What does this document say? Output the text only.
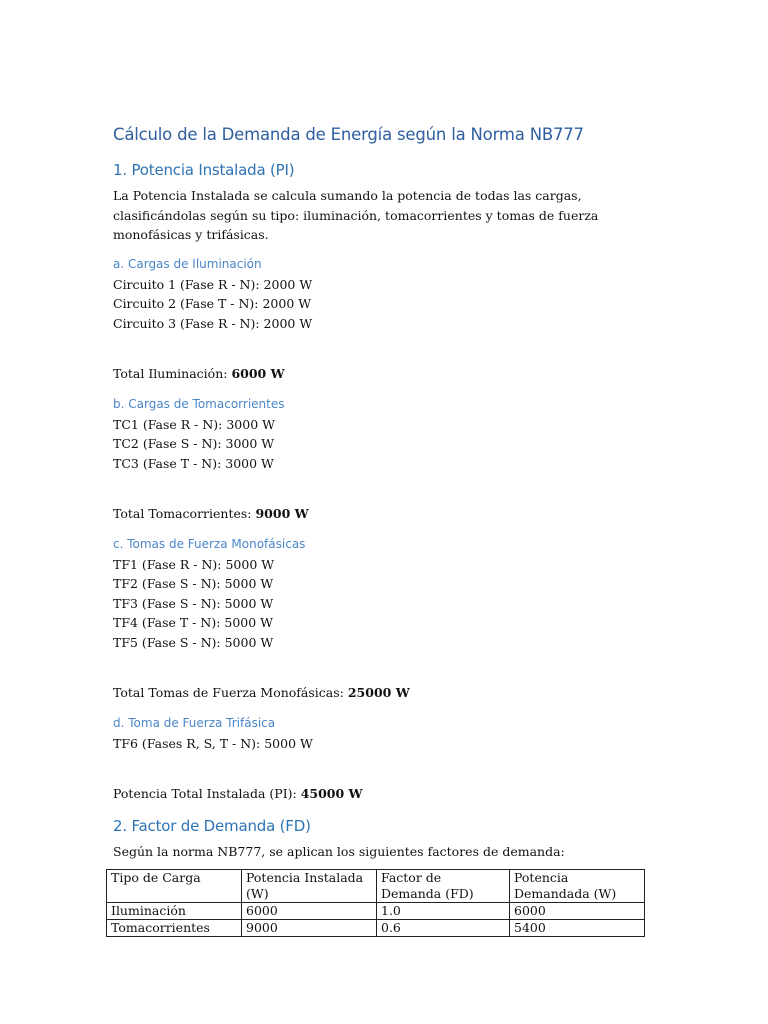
Cálculo de la Demanda de Energía según la Norma NB777
1. Potencia Instalada (PI)

La Potencia Instalada se calcula sumando la potencia de todas las cargas, clasificándolas según su tipo: iluminación, tomacorrientes y tomas de fuerza monofásicas y trifásicas.

a. Cargas de Iluminación

Circuito 1 (Fase R - N): 2000 W

Circuito 2 (Fase T - N): 2000 W

Circuito 3 (Fase R - N): 2000 W

Total Iluminación: 6000 W

b. Cargas de Tomacorrientes

TC1 (Fase R - N): 3000 W

TC2 (Fase S - N): 3000 W

TC3 (Fase T - N): 3000 W

Total Tomacorrientes: 9000 W

c. Tomas de Fuerza Monofásicas

TF1 (Fase R - N): 5000 W

TF2 (Fase S - N): 5000 W

TF3 (Fase S - N): 5000 W

TF4 (Fase T - N): 5000 W

TF5 (Fase S - N): 5000 W

Total Tomas de Fuerza Monofásicas: 25000 W

d. Toma de Fuerza Trifásica

TF6 (Fases R, S, T - N): 5000 W

Potencia Total Instalada (PI): 45000 W

2. Factor de Demanda (FD)

Según la norma NB777, se aplican los siguientes factores de demanda:

Tipo de Carga	Potencia Instalada (W)	Factor de Demanda (FD)	Potencia Demandada (W)
Iluminación	6000	1.0	6000
Tomacorrientes	9000	0.6	5400
